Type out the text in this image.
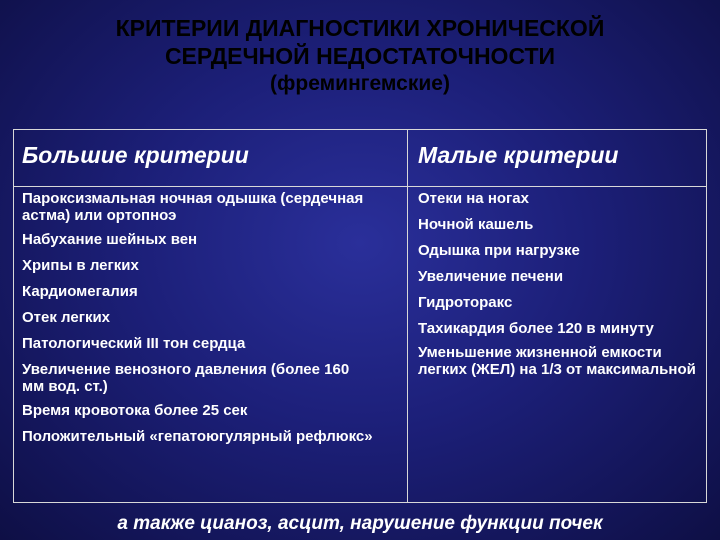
КРИТЕРИИ ДИАГНОСТИКИ ХРОНИЧЕСКОЙ
СЕРДЕЧНОЙ НЕДОСТАТОЧНОСТИ
(фремингемские)
Большие критерии	Малые критерии
Пароксизмальная ночная одышка (сердечная астма) или ортопноэ
Набухание шейных вен
Хрипы в легких
Кардиомегалия
Отек легких
Патологический III тон сердца
Увеличение венозного давления (более 160 мм вод. ст.)
Время кровотока более 25 сек
Положительный «гепатоюгулярный рефлюкс»
Отеки на ногах
Ночной кашель
Одышка при нагрузке
Увеличение печени
Гидроторакс
Тахикардия более 120 в минуту
Уменьшение жизненной емкости легких (ЖЕЛ) на 1/3 от максимальной
а также цианоз, асцит, нарушение функции почек
